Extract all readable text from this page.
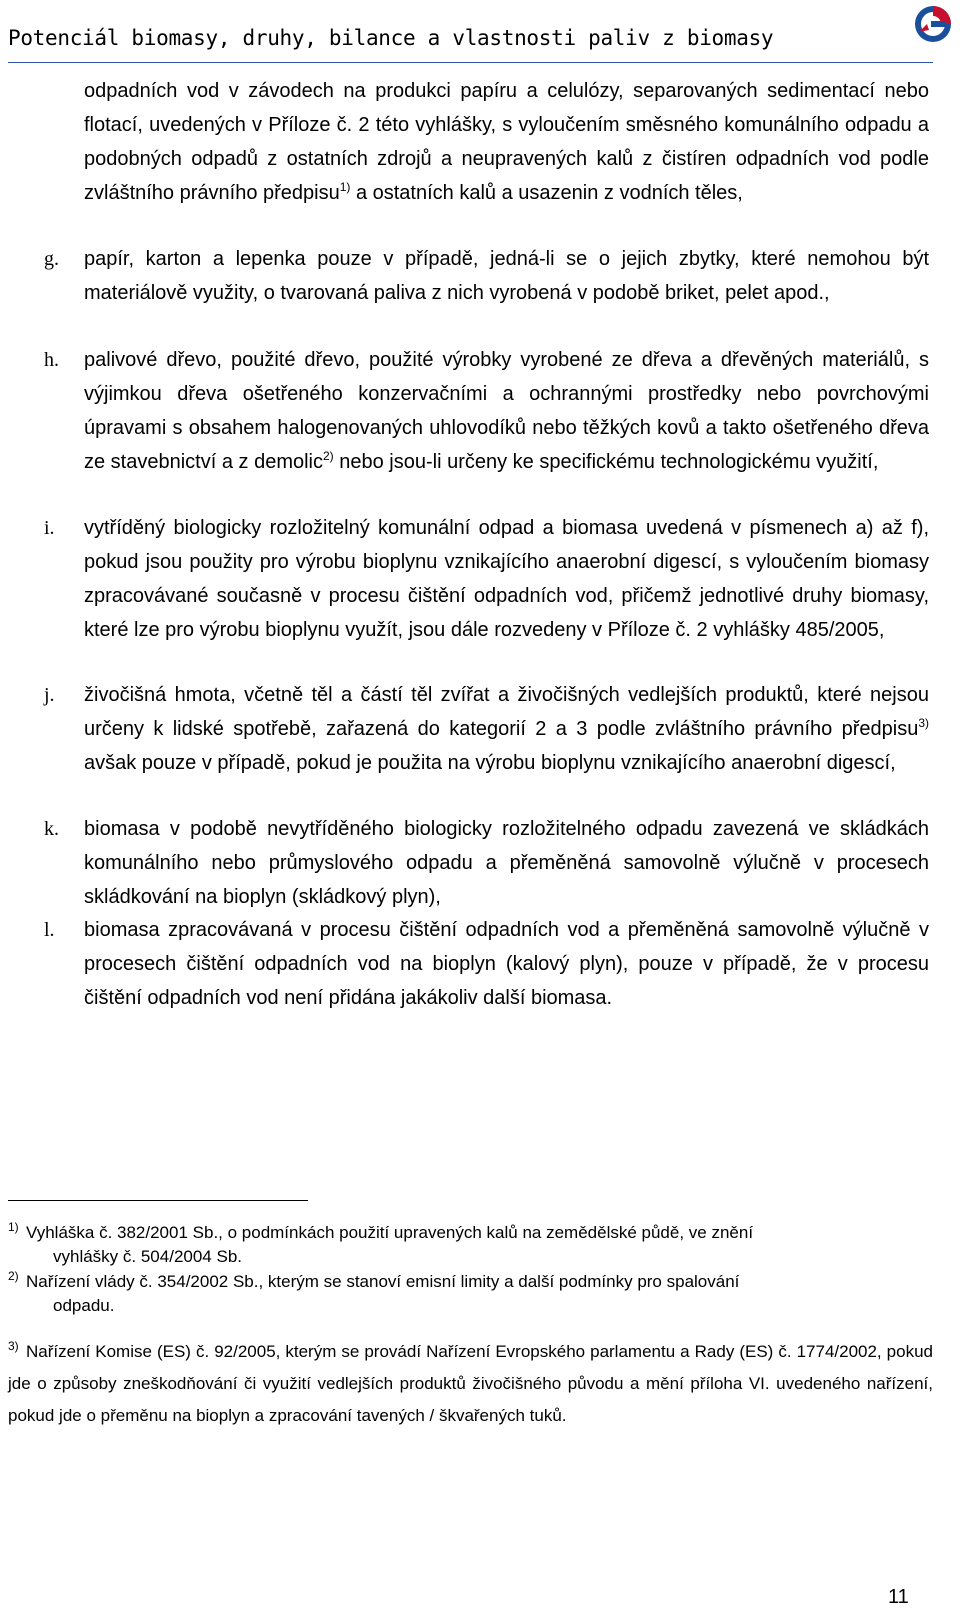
Potenciál biomasy, druhy, bilance a vlastnosti paliv z biomasy
odpadních vod v závodech na produkci papíru a celulózy, separovaných sedimentací nebo flotací, uvedených v Příloze č. 2 této vyhlášky, s vyloučením směsného komunálního odpadu a podobných odpadů z ostatních zdrojů a neupravených kalů z čistíren odpadních vod podle zvláštního právního předpisu$^{1)}$ a ostatních kalů a usazenin z vodních těles,
g. papír, karton a lepenka pouze v případě, jedná-li se o jejich zbytky, které nemohou být materiálově využity, o tvarovaná paliva z nich vyrobená v podobě briket, pelet apod.,
h. palivové dřevo, použité dřevo, použité výrobky vyrobené ze dřeva a dřevěných materiálů, s výjimkou dřeva ošetřeného konzervačními a ochrannými prostředky nebo povrchovými úpravami s obsahem halogenovaných uhlovodíků nebo těžkých kovů a takto ošetřeného dřeva ze stavebnictví a z demolic$^{2)}$ nebo jsou-li určeny ke specifickému technologickému využití,
i. vytříděný biologicky rozložitelný komunální odpad a biomasa uvedená v písmenech a) až f), pokud jsou použity pro výrobu bioplynu vznikajícího anaerobní digescí, s vyloučením biomasy zpracovávané současně v procesu čištění odpadních vod, přičemž jednotlivé druhy biomasy, které lze pro výrobu bioplynu využít, jsou dále rozvedeny v Příloze č. 2 vyhlášky 485/2005,
j. živočišná hmota, včetně těl a částí těl zvířat a živočišných vedlejších produktů, které nejsou určeny k lidské spotřebě, zařazená do kategorií 2 a 3 podle zvláštního právního předpisu$^{3)}$ avšak pouze v případě, pokud je použita na výrobu bioplynu vznikajícího anaerobní digescí,
k. biomasa v podobě nevytříděného biologicky rozložitelného odpadu zavezená ve skládkách komunálního nebo průmyslového odpadu a přeměněná samovolně výlučně v procesech skládkování na bioplyn (skládkový plyn),
l. biomasa zpracovávaná v procesu čištění odpadních vod a přeměněná samovolně výlučně v procesech čištění odpadních vod na bioplyn (kalový plyn), pouze v případě, že v procesu čištění odpadních vod není přidána jakákoliv další biomasa.
1) Vyhláška č. 382/2001 Sb., o podmínkách použití upravených kalů na zemědělské půdě, ve znění
vyhlášky č. 504/2004 Sb.
2) Nařízení vlády č. 354/2002 Sb., kterým se stanoví emisní limity a další podmínky pro spalování
odpadu.
3) Nařízení Komise (ES) č. 92/2005, kterým se provádí Nařízení Evropského parlamentu a Rady (ES) č. 1774/2002, pokud jde o způsoby zneškodňování či využití vedlejších produktů živočišného původu a mění příloha VI. uvedeného nařízení, pokud jde o přeměnu na bioplyn a zpracování tavených / škvařených tuků.
11
